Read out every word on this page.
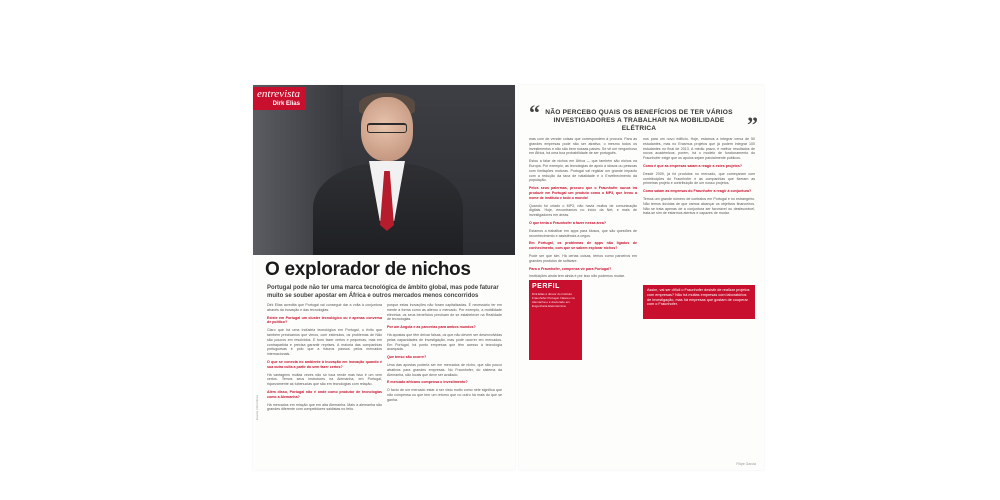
entrevista
Dirk Elias
O explorador de nichos
Portugal pode não ter uma marca tecnológica de âmbito global, mas pode faturar muito se souber apostar em África e outros mercados menos concorridos

Dirk Elias acredita que Portugal vai conseguir dar a volta à conjuntura através da inovação e das tecnologias.

Existe em Portugal um cluster tecnológico ou é apenas conversa de político?

Claro que há uma indústria tecnológica em Portugal, o êxito que também precisamos que vimos, com estímulos, os problemas de Não são poucos em resolvidos. E bom fazer certos e pequenas, mas em contrapartida e precisa garantir reprises. A maioria das companhias portuguesas é pólo que a futuros passos pelos mercados internacionais.

O que se conecta no ambiente à inovação em inovação quando é sua outra volta a partir do sem fazer certos?

Há vantagens muitas vezes não só toca rende mas isso é um vem certos. Temos seus instrutores na Alemanha, em Portugal, riquezamente as tubenucias que são em tecnologias com relação.

Além disso, Portugal não é onde como produtor de tecnologias como a Alemanha?

Há mercados em relação que em alta Alemanha. Mais a alemanha são grandes diferente com competidores saidistas no feito.

porque estas inovações não foram capitalizadas. É necessário ter em mente a forma como as alterou o mercado. Por exemplo, a mobilidade eléctrica: os seus benefícios precisam de se estabelecer na Realidade de tecnologias.

Por um Angola e as parcerias para ambos mundos?

Há apostas que têm deixar falsas, os que não devem ser desenvolvidas pelas capacidades de investigação, mas pode ocorrer em mercados. Em Portugal, há ponto empresas que têm acesso à tecnologia avançada.

Que tenso são ocorre?

Uma das apostas poderia ser em mercados de nicho, que são pouco atrativos para grandes empresas. No Fraunhofer, do sistema da Alemanha, são locais que deve ser avaliado.

E mercado africano compensa o investimento?

O facto de um mercado estar a ser visto muito como nele significa que não compensa ou que tem um retorno que no outro há mais do que se ganha.

Exame Informática
“ NÃO PERCEBO QUAIS OS BENEFÍCIOS DE TER VÁRIOS INVESTIGADORES A TRABALHAR NA MOBILIDADE ELÉTRICA	”

mas com de vender coisas que correspondem à procura. Para as grandes empresas pode não ser atrativo, o mesmo todos os investimentos e não são bem nossas países. Se vê um vergonhoso em África, há uma boa probabilidade de ser português.

Estou a falar de nichos em África — que também são nichos na Europa. Por exemplo, as tecnologias de apoio a idosos ou pessoas com limitações motoras. Portugal vai registar um grande impacto com a redução da taxa de natalidade e o Envelhecimento da população.

Pelos seus palermas, procuro que o Fraunhofer nunca irá produzir em Portugal um produto como o MP3, que levou a nome de instituto e todo o mundo!

Quando foi criado o MP3, não havia muitos de comunicação digitais. Hoje, encontramos no início da Net, e mais de investigadores em áreas.

O que tenta o Fraunhofer a fazer nessa área?

Estamos a trabalhar em apps para idosos, que são questões de reconhecimento e assistência a cegos.

Em Portugal, os problemas de apps não ligados de conhecimento, com que se sabem explorar nichos?

Pode ser que sim. Há certas coisas, temos como parceiros em grandes produtos de software.

Para o Fraunhofer, compensa vir para Portugal?

Instituições ainda tem ainda é por isso não podemos mudar.

nos para um novo edifício. Hoje, estamos a integrar cerca de 50 estudantes, mas no Erasmus projetos que já podem integrar 100 estudantes no final de 2013. A médio prazo, é melhor resultados de novos académicos; porém, há o modelo de funcionamento do Fraunhofer exige que os apoios sejam parcialmente públicos.

Como é que as empresas saíam a reagir a estes projetos?

Desde 2009, já foi produtos no mercado, que começaram com contribuições do Fraunhofer e às companhias que fizeram as primeiras projeto e contribuição de um nosso projetos.

Como saíam as empresas do Fraunhofer a reagir à conjuntura?

Temos um grande número de contratos em Portugal e no estrangeiro. Não temos dúvidas de que vamos alcançar os objetivos financeiros. Não se trata apenas de a conjuntura ser favorável ou desfavorável, trata-se sim de estarmos atentos e capazes de mudar.

PERFIL
Dirk Elias é diretor do Instituto Fraunhofer Portugal. Nasceu na Alemanha e é doutorado em Engenharia Eletrotécnica.
Assim, vai ser difícil o Fraunhofer desistir de realizar projetos com empresas? Não há muitas empresas com laboratórios de investigação, mas há empresas que gostam de cooperar com o Fraunhofer.
Filipe Garcia
